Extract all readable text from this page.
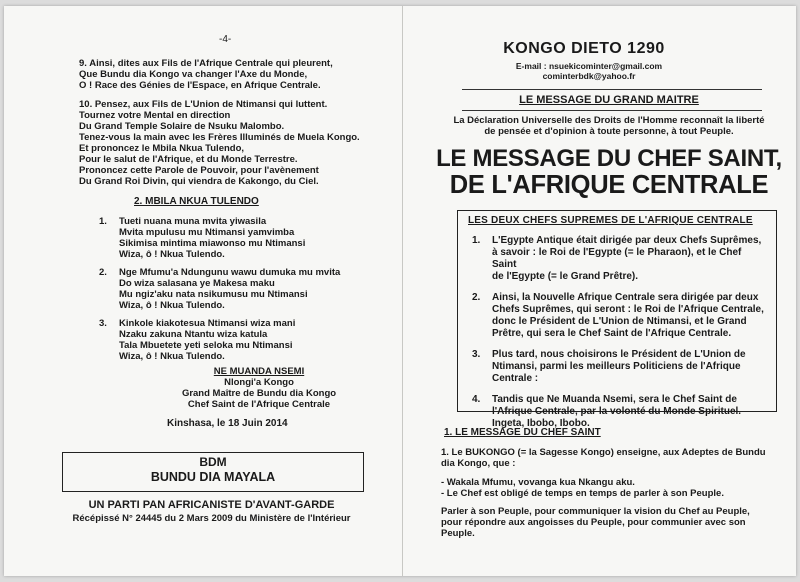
-4-
9. Ainsi, dites aux Fils de l'Afrique Centrale qui pleurent,
Que Bundu dia Kongo va changer l'Axe du Monde,
O ! Race des Génies de l'Espace, en Afrique Centrale.
10. Pensez, aux Fils de L'Union de Ntimansi qui luttent.
Tournez votre Mental en direction
Du Grand Temple Solaire de Nsuku Malombo.
Tenez-vous la main avec les Frères Illuminés de Muela Kongo.
Et prononcez le Mbila Nkua Tulendo,
Pour le salut de l'Afrique, et du Monde Terrestre.
Prononcez cette Parole de Pouvoir, pour l'avènement
Du Grand Roi Divin, qui viendra de Kakongo, du Ciel.
2. MBILA NKUA TULENDO
1.	Tueti nuana muna mvita yiwasila
Mvita mpulusu mu Ntimansi yamvimba
Sikimisa mintima miawonso mu Ntimansi
Wiza, ô ! Nkua Tulendo.
2.	Nge Mfumu'a Ndungunu wawu dumuka mu mvita
Do wiza salasana ye Makesa maku
Mu ngiz'aku nata nsikumusu mu Ntimansi
Wiza, ô ! Nkua Tulendo.
3.	Kinkole kiakotesua Ntimansi wiza mani
Nzaku zakuna Ntantu wiza katula
Tala Mbuetete yeti seloka mu Ntimansi
Wiza, ô ! Nkua Tulendo.
NE MUANDA NSEMI
Nlongi'a Kongo
Grand Maître de Bundu dia Kongo
Chef Saint de l'Afrique Centrale
Kinshasa, le 18 Juin 2014
BDM
BUNDU DIA MAYALA
UN PARTI PAN AFRICANISTE D'AVANT-GARDE
Récépissé N° 24445 du 2 Mars 2009 du Ministère de l'Intérieur
KONGO DIETO 1290
E-mail : nsuekicominter@gmail.com
cominterbdk@yahoo.fr
LE MESSAGE DU GRAND MAITRE
La Déclaration Universelle des Droits de l'Homme reconnaît la liberté
de pensée et d'opinion à toute personne, à tout Peuple.
LE MESSAGE DU CHEF SAINT,
DE L'AFRIQUE CENTRALE
LES DEUX CHEFS SUPREMES DE L'AFRIQUE CENTRALE
1.	L'Egypte Antique était dirigée par deux Chefs Suprêmes,
à savoir : le Roi de l'Egypte (= le Pharaon), et le Chef Saint
de l'Egypte (= le Grand Prêtre).
2.	Ainsi, la Nouvelle Afrique Centrale sera dirigée par deux
Chefs Suprêmes, qui seront : le Roi de l'Afrique Centrale,
donc le Président de L'Union de Ntimansi, et le Grand
Prêtre, qui sera le Chef Saint de l'Afrique Centrale.
3.	Plus tard, nous choisirons le Président de L'Union de
Ntimansi, parmi les meilleurs Politiciens de l'Afrique
Centrale :
4.	Tandis que Ne Muanda Nsemi, sera le Chef Saint de
l'Afrique Centrale, par la volonté du Monde Spirituel.
Ingeta, Ibobo, Ibobo.
1. LE MESSAGE DU CHEF SAINT
1. Le BUKONGO (= la Sagesse Kongo) enseigne, aux Adeptes de Bundu
dia Kongo, que :
- Wakala Mfumu, vovanga kua Nkangu aku.
- Le Chef est obligé de temps en temps de parler à son Peuple.
Parler à son Peuple, pour communiquer la vision du Chef au Peuple,
pour répondre aux angoisses du Peuple, pour communier avec son
Peuple.
